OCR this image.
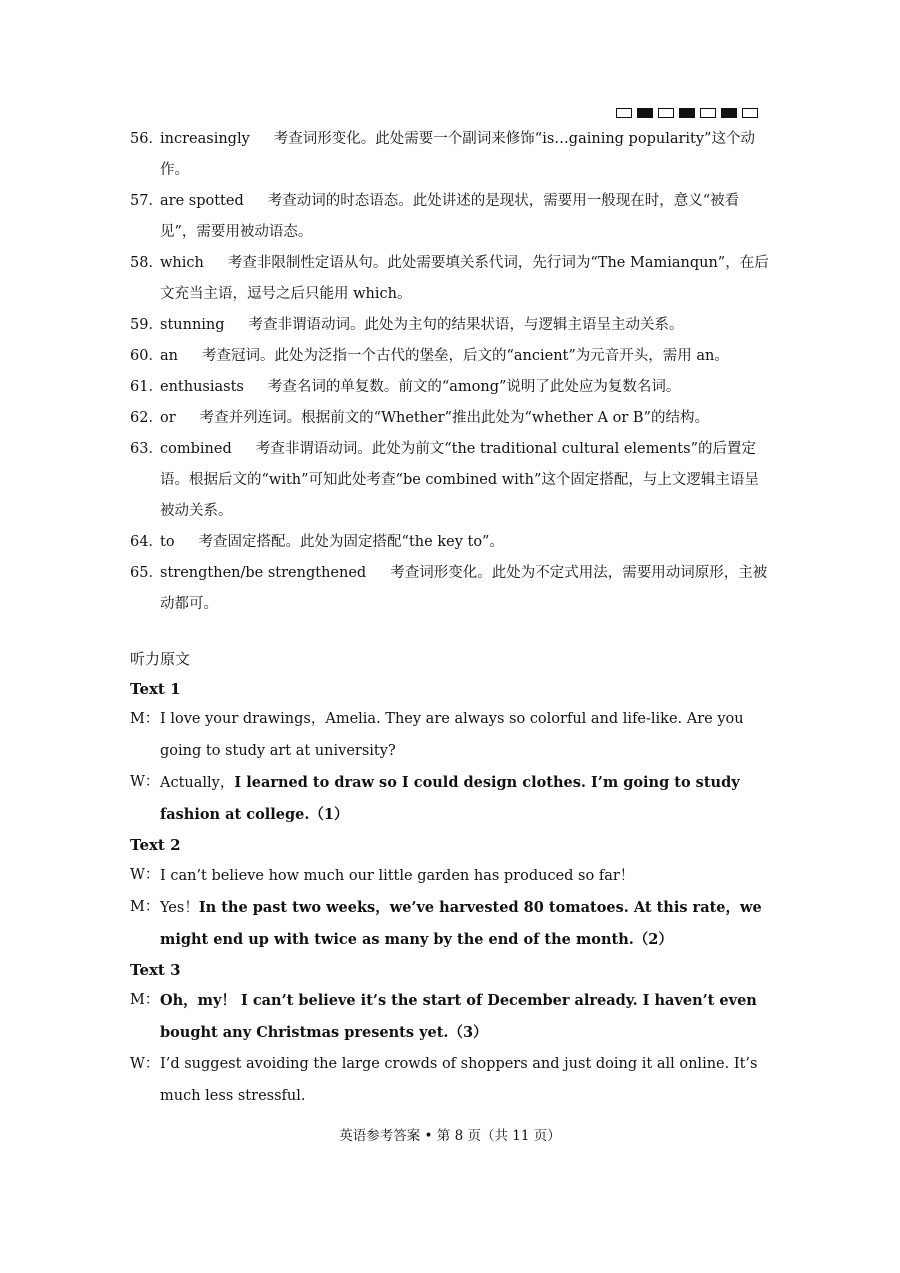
56．
increasingly 考查词形变化。此处需要一个副词来修饰“is…gaining popularity”这个动作。
57．
are spotted 考查动词的时态语态。此处讲述的是现状，需要用一般现在时，意义“被看见”，需要用被动语态。
58．
which 考查非限制性定语从句。此处需要填关系代词，先行词为“The Mamianqun”，在后文充当主语，逗号之后只能用 which。
59．
stunning 考查非谓语动词。此处为主句的结果状语，与逻辑主语呈主动关系。
60．
an 考查冠词。此处为泛指一个古代的堡垒，后文的“ancient”为元音开头，需用 an。
61．
enthusiasts 考查名词的单复数。前文的“among”说明了此处应为复数名词。
62．
or 考查并列连词。根据前文的“Whether”推出此处为“whether A or B”的结构。
63．
combined 考查非谓语动词。此处为前文“the traditional cultural elements”的后置定语。根据后文的“with”可知此处考查“be combined with”这个固定搭配，与上文逻辑主语呈被动关系。
64．
to 考查固定搭配。此处为固定搭配“the key to”。
65．
strengthen/be strengthened 考查词形变化。此处为不定式用法，需要用动词原形，主被动都可。
听力原文
Text 1
M： I love your drawings，Amelia. They are always so colorful and life-like. Are you going to study art at university?
W： Actually，I learned to draw so I could design clothes. I’m going to study fashion at college.（1）
Text 2
W： I can’t believe how much our little garden has produced so far！
M： Yes！In the past two weeks，we’ve harvested 80 tomatoes. At this rate，we might end up with twice as many by the end of the month.（2）
Text 3
M： Oh，my！ I can’t believe it’s the start of December already. I haven’t even bought any Christmas presents yet.（3）
W： I’d suggest avoiding the large crowds of shoppers and just doing it all online. It’s much less stressful.
英语参考答案 • 第 8 页（共 11 页）
